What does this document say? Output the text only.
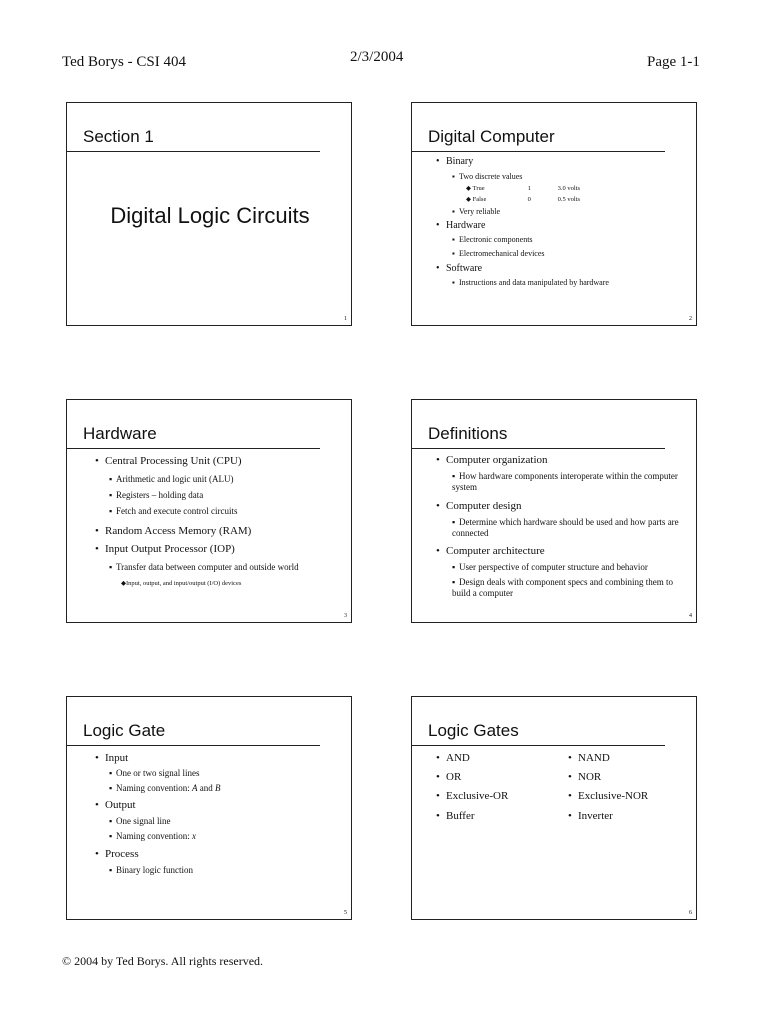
Ted Borys - CSI 404	2/3/2004	Page 1-1
Section 1
Digital Logic Circuits
1
Digital Computer
• Binary
▪ Two discrete values
◆ True	1	3.0 volts
◆ False	0	0.5 volts
▪ Very reliable
• Hardware
▪ Electronic components
▪ Electromechanical devices
• Software
▪ Instructions and data manipulated by hardware
2
Hardware
• Central Processing Unit (CPU)
▪ Arithmetic and logic unit (ALU)
▪ Registers – holding data
▪ Fetch and execute control circuits
• Random Access Memory (RAM)
• Input Output Processor (IOP)
▪ Transfer data between computer and outside world
◆Input, output, and input/output (I/O) devices
3
Definitions
• Computer organization
▪ How hardware components interoperate within the computer system
• Computer design
▪ Determine which hardware should be used and how parts are connected
• Computer architecture
▪ User perspective of computer structure and behavior
▪ Design deals with component specs and combining them to build a computer
4
Logic Gate
• Input
▪ One or two signal lines
▪ Naming convention: A and B
• Output
▪ One signal line
▪ Naming convention: x
• Process
▪ Binary logic function
5
Logic Gates
• AND
• OR
• Exclusive-OR
• Buffer
• NAND
• NOR
• Exclusive-NOR
• Inverter
6
© 2004 by Ted Borys. All rights reserved.
